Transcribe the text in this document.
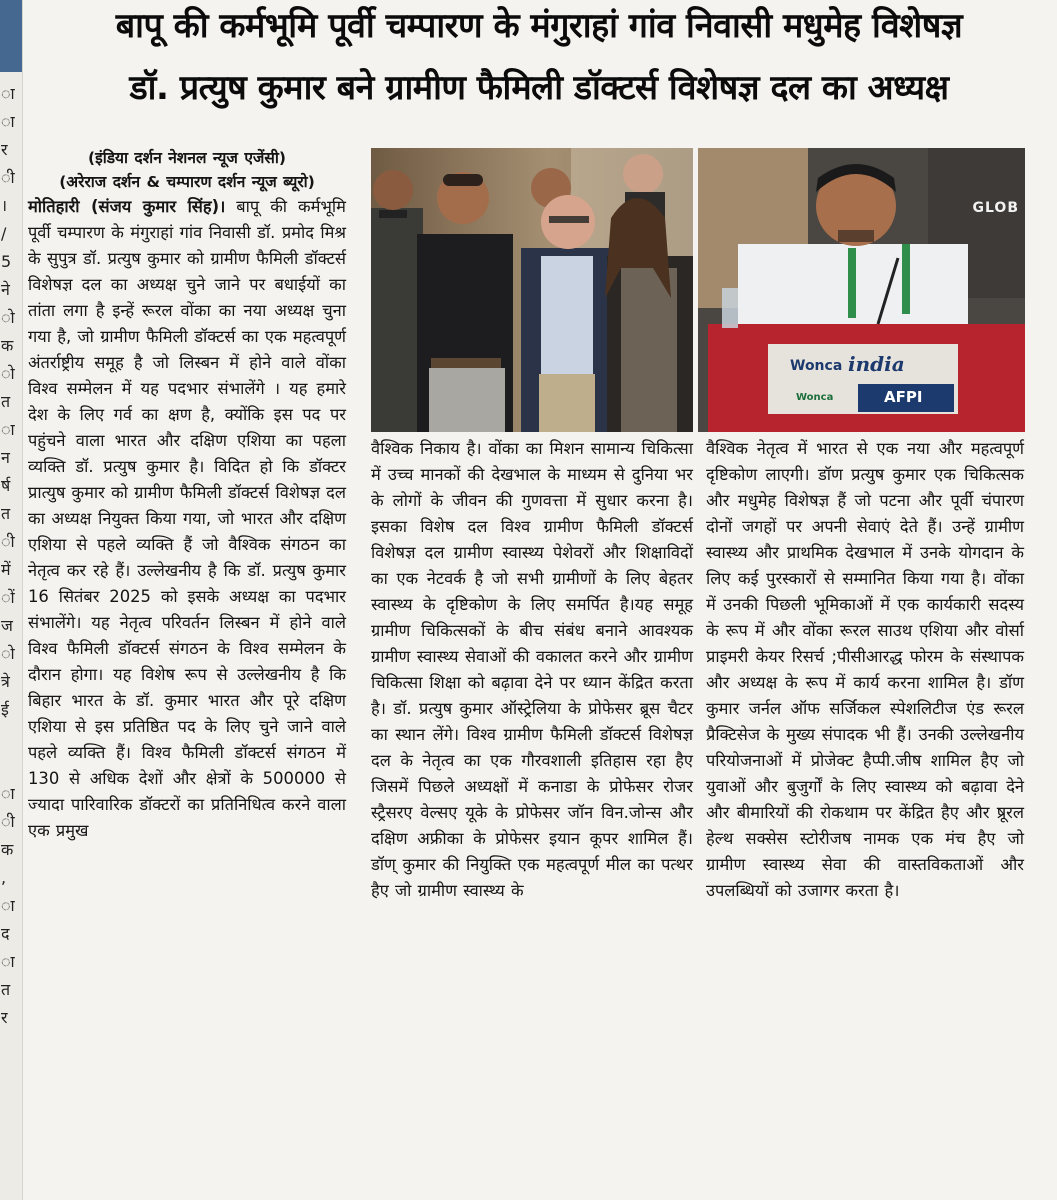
ा
ा
र
ी
।
/
5
ने
ो
क
ो
त
ा
न
र्ष
त
ी
में
ों
ज
ो
त्रे
ई
ा
ी
क
,
ा
द
ा
त
र
बापू की कर्मभूमि पूर्वी चम्पारण के मंगुराहां गांव निवासी मधुमेह विशेषज्ञ
डॉ. प्रत्युष कुमार बने ग्रामीण फैमिली डॉक्टर्स विशेषज्ञ दल का अध्यक्ष

(इंडिया दर्शन नेशनल न्यूज एजेंसी)

(अरेराज दर्शन & चम्पारण दर्शन न्यूज ब्यूरो)

मोतिहारी (संजय कुमार सिंह)। बापू की कर्मभूमि पूर्वी चम्पारण के मंगुराहां गांव निवासी डॉ. प्रमोद मिश्र के सुपुत्र डॉ. प्रत्युष कुमार को ग्रामीण फैमिली डॉक्टर्स विशेषज्ञ दल का अध्यक्ष चुने जाने पर बधाईयों का तांता लगा है इन्हें रूरल वोंका का नया अध्यक्ष चुना गया है, जो ग्रामीण फैमिली डॉक्टर्स का एक महत्वपूर्ण अंतर्राष्ट्रीय समूह है जो लिस्बन में होने वाले वोंका विश्व सम्मेलन में यह पदभार संभालेंगे । यह हमारे देश के लिए गर्व का क्षण है, क्योंकि इस पद पर पहुंचने वाला भारत और दक्षिण एशिया का पहला व्यक्ति डॉ. प्रत्युष कुमार है। विदित हो कि डॉक्टर प्रात्युष कुमार को ग्रामीण फैमिली डॉक्टर्स विशेषज्ञ दल का अध्यक्ष नियुक्त किया गया, जो भारत और दक्षिण एशिया से पहले व्यक्ति हैं जो वैश्विक संगठन का नेतृत्व कर रहे हैं। उल्लेखनीय है कि डॉ. प्रत्युष कुमार 16 सितंबर 2025 को इसके अध्यक्ष का पदभार संभालेंगे। यह नेतृत्व परिवर्तन लिस्बन में होने वाले विश्व फैमिली डॉक्टर्स संगठन के विश्व सम्मेलन के दौरान होगा। यह विशेष रूप से उल्लेखनीय है कि बिहार भारत के डॉ. कुमार भारत और पूरे दक्षिण एशिया से इस प्रतिष्ठित पद के लिए चुने जाने वाले पहले व्यक्ति हैं। विश्व फैमिली डॉक्टर्स संगठन में 130 से अधिक देशों और क्षेत्रों के 500000 से ज्यादा पारिवारिक डॉक्टरों का प्रतिनिधित्व करने वाला एक प्रमुख

GLOB
Wonca india
Wonca	AFPI
वैश्विक निकाय है। वोंका का मिशन सामान्य चिकित्सा में उच्च मानकों की देखभाल के माध्यम से दुनिया भर के लोगों के जीवन की गुणवत्ता में सुधार करना है।इसका विशेष दल विश्व ग्रामीण फैमिली डॉक्टर्स विशेषज्ञ दल ग्रामीण स्वास्थ्य पेशेवरों और शिक्षाविदों का एक नेटवर्क है जो सभी ग्रामीणों के लिए बेहतर स्वास्थ्य के दृष्टिकोण के लिए समर्पित है।यह समूह ग्रामीण चिकित्सकों के बीच संबंध बनाने आवश्यक ग्रामीण स्वास्थ्य सेवाओं की वकालत करने और ग्रामीण चिकित्सा शिक्षा को बढ़ावा देने पर ध्यान केंद्रित करता है। डॉ. प्रत्युष कुमार ऑस्ट्रेलिया के प्रोफेसर ब्रूस चैटर का स्थान लेंगे। विश्व ग्रामीण फैमिली डॉक्टर्स विशेषज्ञ दल के नेतृत्व का एक गौरवशाली इतिहास रहा हैए जिसमें पिछले अध्यक्षों में कनाडा के प्रोफेसर रोजर स्ट्रैसरए वेल्सए यूके के प्रोफेसर जॉन विन.जोन्स और दक्षिण अफ्रीका के प्रोफेसर इयान कूपर शामिल हैं। डॉण् कुमार की नियुक्ति एक महत्वपूर्ण मील का पत्थर हैए जो ग्रामीण स्वास्थ्य के
वैश्विक नेतृत्व में भारत से एक नया और महत्वपूर्ण दृष्टिकोण लाएगी। डॉण प्रत्युष कुमार एक चिकित्सक और मधुमेह विशेषज्ञ हैं जो पटना और पूर्वी चंपारण दोनों जगहों पर अपनी सेवाएं देते हैं। उन्हें ग्रामीण स्वास्थ्य और प्राथमिक देखभाल में उनके योगदान के लिए कई पुरस्कारों से सम्मानित किया गया है। वोंका में उनकी पिछली भूमिकाओं में एक कार्यकारी सदस्य के रूप में और वोंका रूरल साउथ एशिया और वोर्सा प्राइमरी केयर रिसर्च ;पीसीआरद्ध फोरम के संस्थापक और अध्यक्ष के रूप में कार्य करना शामिल है। डॉण कुमार जर्नल ऑफ सर्जिकल स्पेशलिटीज एंड रूरल प्रैक्टिसेज के मुख्य संपादक भी हैं। उनकी उल्लेखनीय परियोजनाओं में प्रोजेक्ट हैप्पी.जीष शामिल हैए जो युवाओं और बुजुर्गों के लिए स्वास्थ्य को बढ़ावा देने और बीमारियों की रोकथाम पर केंद्रित हैए और ष्रूरल हेल्थ सक्सेस स्टोरीजष नामक एक मंच हैए जो ग्रामीण स्वास्थ्य सेवा की वास्तविकताओं और उपलब्धियों को उजागर करता है।
